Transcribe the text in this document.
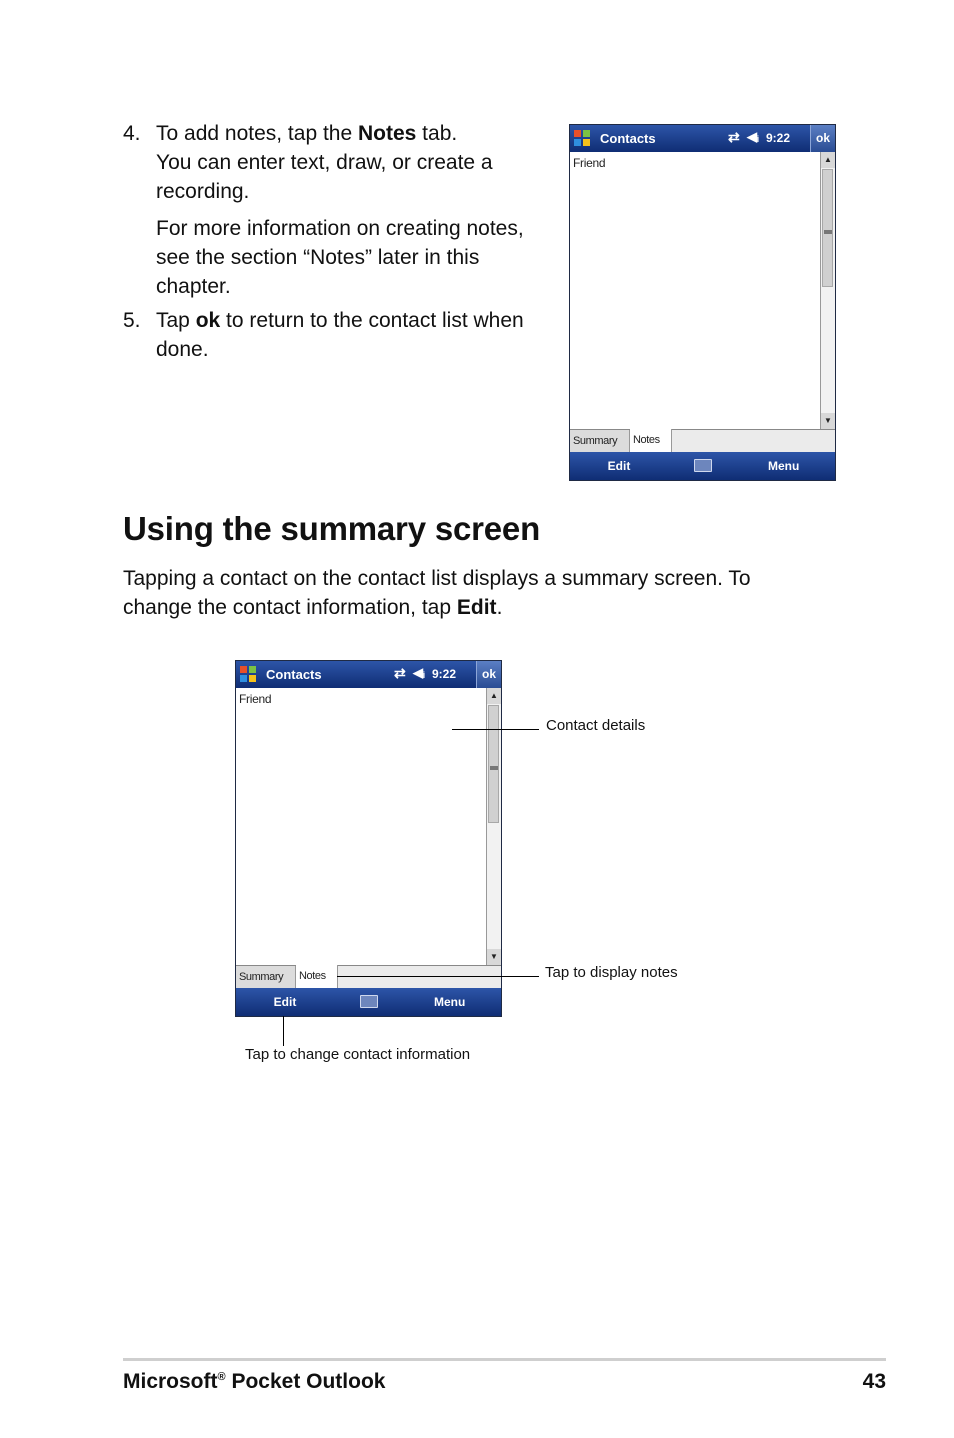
4. To add notes, tap the Notes tab.
You can enter text, draw, or create a recording.
For more information on creating notes, see the section “Notes” later in this chapter.
5. Tap ok to return to the contact list when done.
Contacts	⇄ ◀ᵢ 9:22	ok
Friend	▲
▼
Summary	Notes
Edit	Menu
Using the summary screen
Tapping a contact on the contact list displays a summary screen. To change the contact information, tap Edit.
Contacts	⇄ ◀ᵢ 9:22	ok
Friend	▲
▼
Summary	Notes
Edit	Menu
Contact details
Tap to display notes
Tap to change contact information
Microsoft® Pocket Outlook	43
